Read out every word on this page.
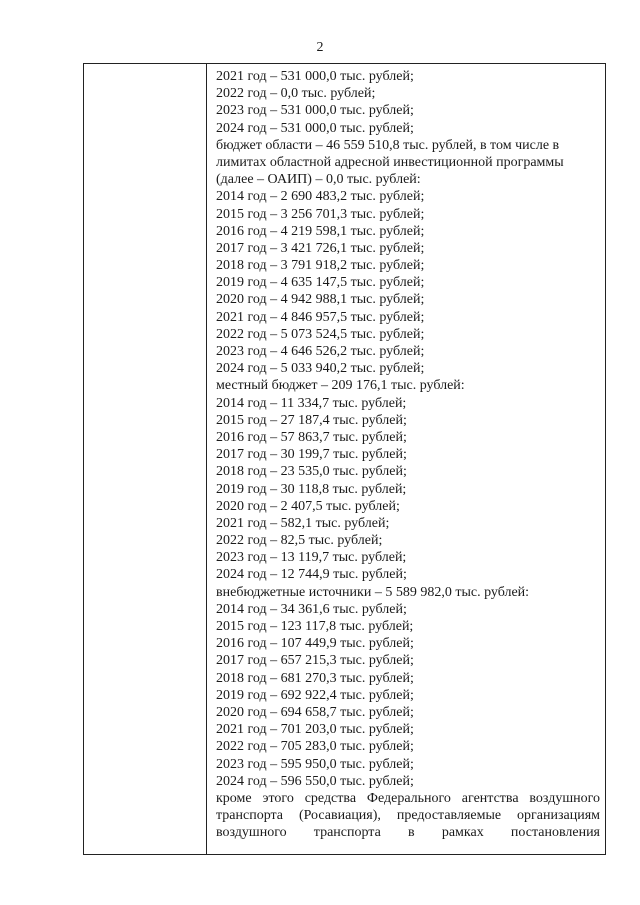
2
2021 год – 531 000,0 тыс. рублей;
2022 год – 0,0 тыс. рублей;
2023 год – 531 000,0 тыс. рублей;
2024 год – 531 000,0 тыс. рублей;
бюджет области – 46 559 510,8 тыс. рублей, в том числе в
лимитах областной адресной инвестиционной программы
(далее – ОАИП) – 0,0 тыс. рублей:
2014 год – 2 690 483,2 тыс. рублей;
2015 год – 3 256 701,3 тыс. рублей;
2016 год – 4 219 598,1 тыс. рублей;
2017 год – 3 421 726,1 тыс. рублей;
2018 год – 3 791 918,2 тыс. рублей;
2019 год – 4 635 147,5 тыс. рублей;
2020 год – 4 942 988,1 тыс. рублей;
2021 год – 4 846 957,5 тыс. рублей;
2022 год – 5 073 524,5 тыс. рублей;
2023 год – 4 646 526,2 тыс. рублей;
2024 год – 5 033 940,2 тыс. рублей;
местный бюджет – 209 176,1 тыс. рублей:
2014 год – 11 334,7 тыс. рублей;
2015 год – 27 187,4 тыс. рублей;
2016 год – 57 863,7 тыс. рублей;
2017 год – 30 199,7 тыс. рублей;
2018 год – 23 535,0 тыс. рублей;
2019 год – 30 118,8 тыс. рублей;
2020 год – 2 407,5 тыс. рублей;
2021 год – 582,1 тыс. рублей;
2022 год – 82,5 тыс. рублей;
2023 год – 13 119,7 тыс. рублей;
2024 год – 12 744,9 тыс. рублей;
внебюджетные источники – 5 589 982,0 тыс. рублей:
2014 год – 34 361,6 тыс. рублей;
2015 год – 123 117,8 тыс. рублей;
2016 год – 107 449,9 тыс. рублей;
2017 год – 657 215,3 тыс. рублей;
2018 год – 681 270,3 тыс. рублей;
2019 год – 692 922,4 тыс. рублей;
2020 год – 694 658,7 тыс. рублей;
2021 год – 701 203,0 тыс. рублей;
2022 год – 705 283,0 тыс. рублей;
2023 год – 595 950,0 тыс. рублей;
2024 год – 596 550,0 тыс. рублей;
кроме этого средства Федерального агентства воздушного
транспорта (Росавиация), предоставляемые организациям
воздушного транспорта в рамках постановления
